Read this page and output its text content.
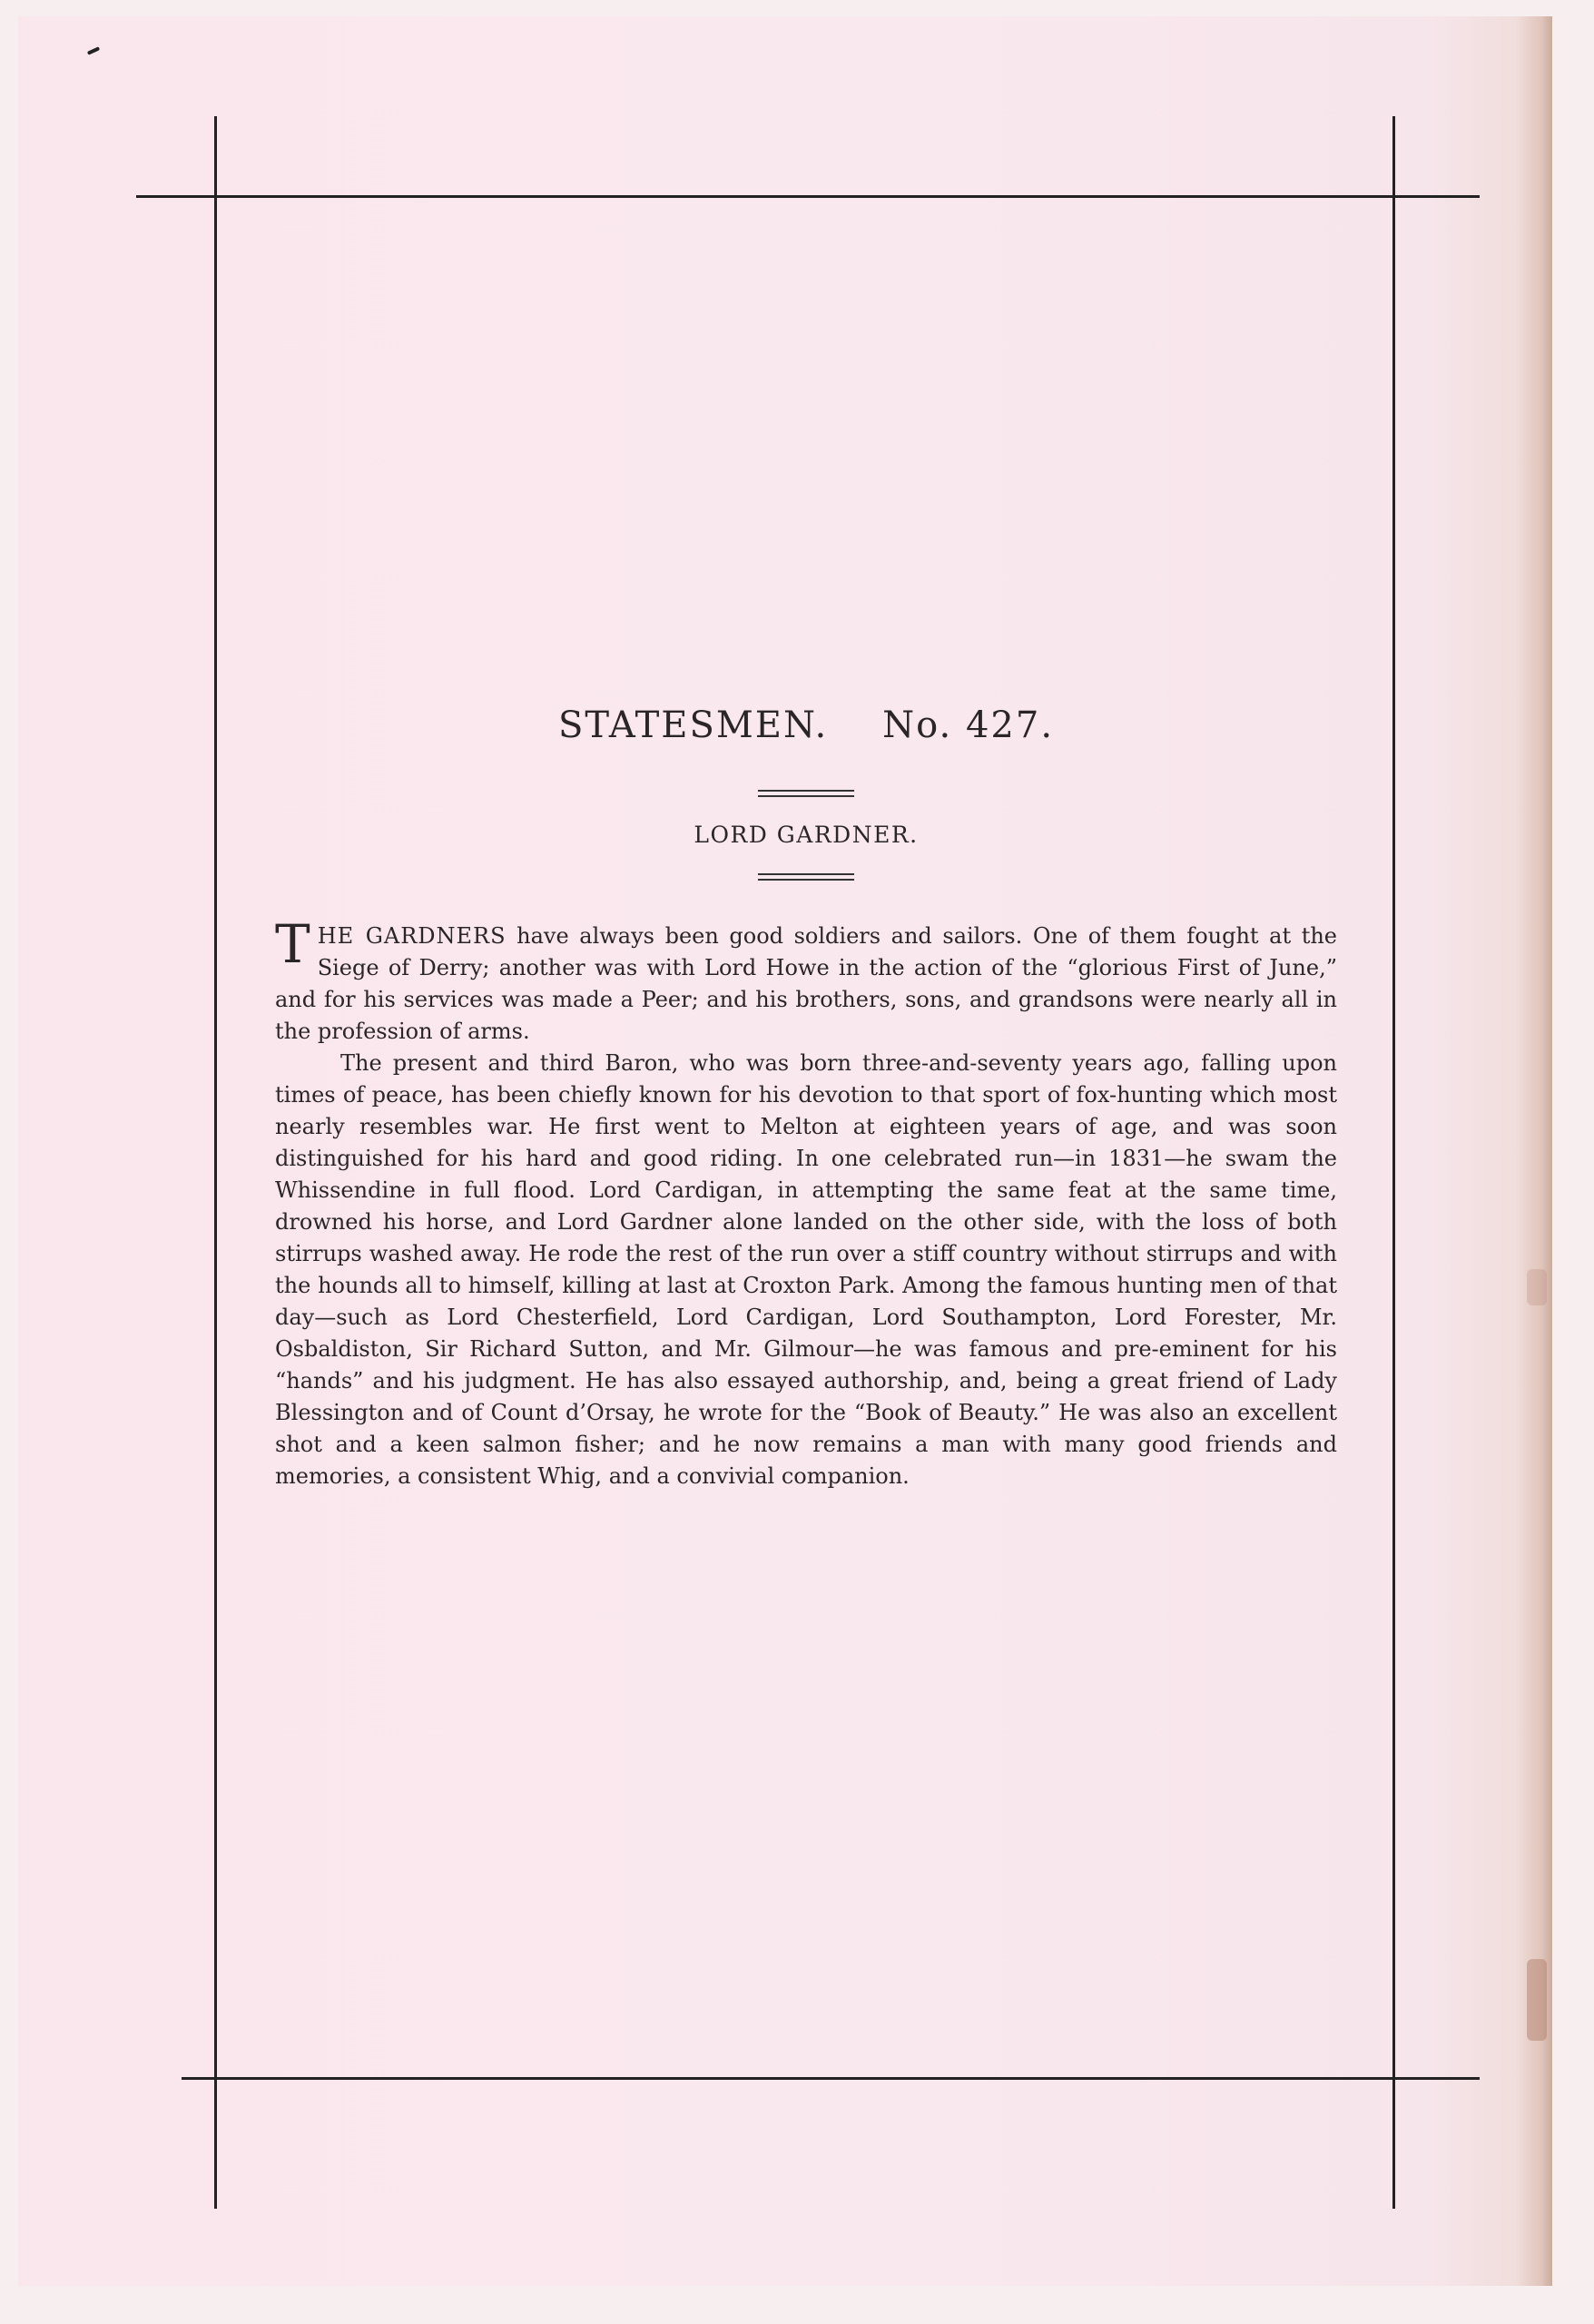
STATESMEN. No. 427.
LORD GARDNER.

THE GARDNERS have always been good soldiers and sailors. One of them fought at the Siege of Derry; another was with Lord Howe in the action of the “glorious First of June,” and for his services was made a Peer; and his brothers, sons, and grandsons were nearly all in the profession of arms.

The present and third Baron, who was born three-and-seventy years ago, falling upon times of peace, has been chiefly known for his devotion to that sport of fox-hunting which most nearly resembles war. He first went to Melton at eighteen years of age, and was soon distinguished for his hard and good riding. In one celebrated run—in 1831—he swam the Whissendine in full flood. Lord Cardigan, in attempting the same feat at the same time, drowned his horse, and Lord Gardner alone landed on the other side, with the loss of both stirrups washed away. He rode the rest of the run over a stiff country without stirrups and with the hounds all to himself, killing at last at Croxton Park. Among the famous hunting men of that day—such as Lord Chesterfield, Lord Cardigan, Lord Southampton, Lord Forester, Mr. Osbaldiston, Sir Richard Sutton, and Mr. Gilmour—he was famous and pre-eminent for his “hands” and his judgment. He has also essayed authorship, and, being a great friend of Lady Blessington and of Count d’Orsay, he wrote for the “Book of Beauty.” He was also an excellent shot and a keen salmon fisher; and he now remains a man with many good friends and memories, a consistent Whig, and a convivial companion.
